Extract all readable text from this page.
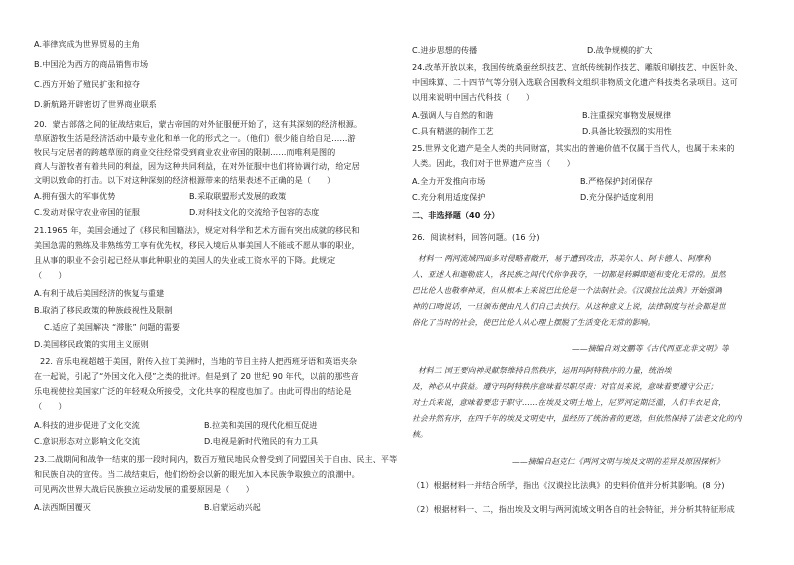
A.菲律宾成为世界贸易的主角
B.中国沦为西方的商品销售市场
C.西方开始了殖民扩张和掠夺
D.新航路开辟密切了世界商业联系
20．蒙古部落之间的征战结束后，蒙古帝国的对外征服便开始了，这有其深刻的经济根源。
草原游牧生活是经济活动中最专业化和单一化的形式之一。（他们）很少能自给自足……游
牧民与定居者的跨越草原的商业交往经常受到商业农业帝国的限制……而唯利是图的
商人与游牧者有着共同的利益，因为这种共同利益，在对外征服中也们将协调行动，给定居
文明以致命的打击。以下对这种深刻的经济根源带来的结果表述不正确的是（　　）
A.拥有强大的军事优势	B.采取联盟形式发展的政策
C.发动对保守农业帝国的征服	D.对科技文化的交流给予包容的态度
21.1965 年，美国会通过了《移民和国籍法》，规定对科学和艺术方面有突出成就的移民和
美国急需的熟练及非熟练劳工享有优先权，移民入境后从事美国人不能或不愿从事的职业，
且从事的职业不会引起已经从事此种职业的美国人的失业或工资水平的下降。此规定
（　　）
A.有利于战后美国经济的恢复与重建
B.取消了移民政策的种族歧视性及限制
C.适应了美国解决 “滞胀” 问题的需要
D.美国移民政策的实用主义原则
22. 音乐电视超越于美国，附传入拉丁美洲时，当地的节目主持人把西班牙语和英语夹杂
在一起说，引起了“外国文化入侵”之类的批评。但是到了 20 世纪 90 年代，以前的那些音
乐电视使拉美国家广泛的年轻观众所接受，文化共享的程度也加了。由此可得出的结论是
（　　）
A.科技的进步促进了文化交流	B.拉美和美国的现代化相互促进
C.意识形态对立影响文化交流	D.电视是新时代殖民的有力工具
23.二战期间和战争一结束的那一段时间内，数百万殖民地民众曾受到了同盟国关于自由、民主、平等
和民族自决的宣传。当二战结束后，他们纷纷会以新的眼光加入本民族争取独立的浪潮中。
可见两次世界大战后民族独立运动发展的重要原因是（　　）
A.法西斯国覆灭	B.启蒙运动兴起
C.进步思想的传播	D.战争规模的扩大
24.改革开放以来，我国传统桑蚕丝织技艺、宣纸传统制作技艺、雕版印刷技艺、中医针灸、
中国珠算、二十四节气等分别入选联合国教科文组织非物质文化遗产科技类名录项目。这可
以用来说明中国古代科技（　　）
A.强调人与自然的和谐	B.注重探究事物发展规律
C.具有精湛的制作工艺	D.具备比较强烈的实用性
25.世界文化遗产是全人类的共同财富，其实出的普遍价值不仅属于当代人，也属于未来的
人类。因此，我们对于世界遗产应当（　　）
A.全力开发推向市场	B.严格保护封闭保存
C.充分利用适度保护	D.充分保护适度利用
二、非选择题（40 分）
26．阅读材料，回答问题。(16 分)
材料一 两河流域四面多对侵略者敞开，易于遭到攻击，苏美尔人、阿卡德人、阿摩利
人、亚述人和迦勒底人，各民族之间代代你争我夺，一切都是转瞬即逝和变化无常的。虽然
巴比伦人也敬奉神灵，但从根本上来说巴比伦是一个法制社会。《汉谟拉比法典》开始强调
神的口吻说话，一旦颁布便由凡人们自己去执行。从这种意义上说，法律制度与社会都是世
俗化了当时的社会，使巴比伦人从心理上摆脱了生活变化无常的影响。
——摘编自刘文鹏等《古代西亚北非文明》等
材料二 国王要向神灵献祭维持自然秩序，运用玛阿特秩序的力量，统治埃
及，神必从中获益。遵守玛阿特秩序意味着尽职尽责：对官员来说，意味着要遵守公正；
对士兵来说，意味着要忠于职守……在埃及文明土地上，尼罗河定期泛滥，人们丰衣足食，
社会井然有序，在四千年的埃及文明史中，虽经历了统治者的更迭，但依然保持了法老文化的内
核。
——摘编自赵克仁《两河文明与埃及文明的差异及原因探析》
（1）根据材料一并结合所学，指出《汉谟拉比法典》的史料价值并分析其影响。(8 分)
（2）根据材料一、二，指出埃及文明与两河流域文明各自的社会特征，并分析其特征形成
